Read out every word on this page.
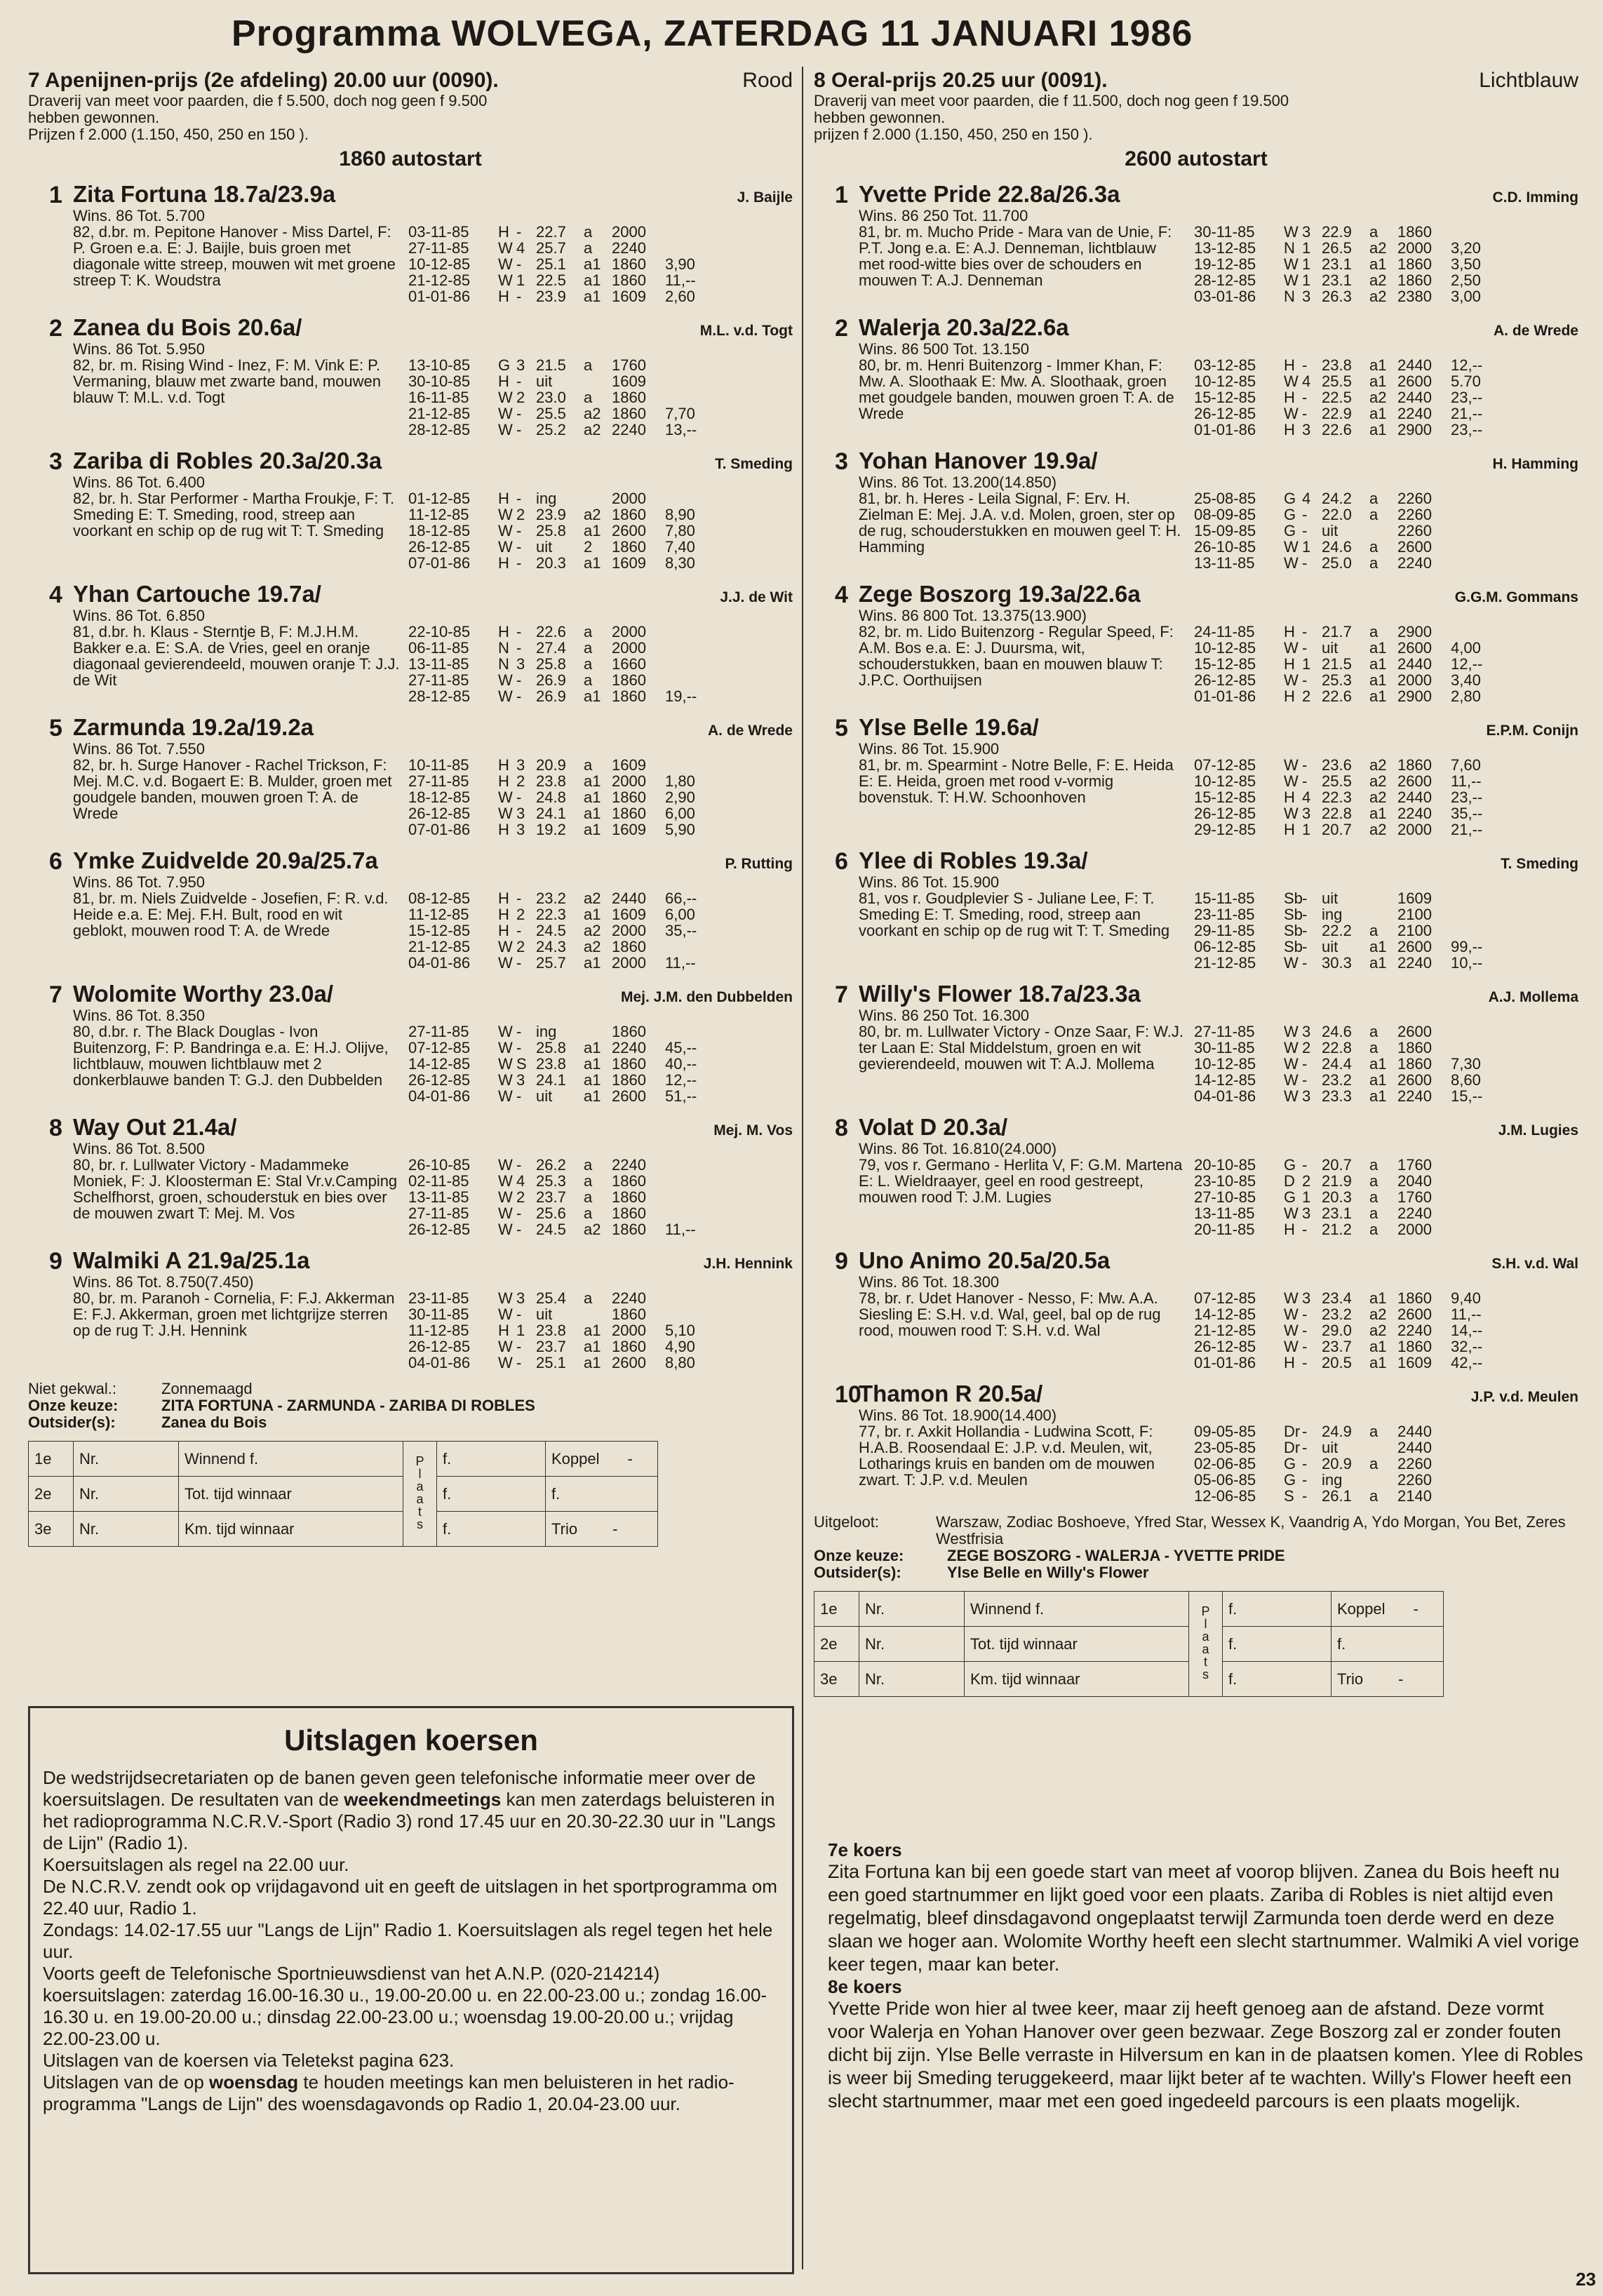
Programma WOLVEGA, ZATERDAG 11 JANUARI 1986
7 Apenijnen-prijs (2e afdeling) 20.00 uur (0090).	Rood
Draverij van meet voor paarden, die f 5.500, doch nog geen f 9.500
hebben gewonnen.
Prijzen f 2.000 (1.150, 450, 250 en 150 ).
1860 autostart
1 Zita Fortuna 18.7a/23.9a	J. Baijle
Wins. 86 Tot. 5.700
82, d.br. m. Pepitone Hanover - Miss Dartel, F: P. Groen e.a. E: J. Baijle, buis groen met diagonale witte streep, mouwen wit met groene streep T: K. Woudstra
03-11-85	H - 22.7	a	2000
27-11-85	W 4 25.7	a	2240
10-12-85	W - 25.1	a1 1860	3,90
21-12-85	W 1 22.5	a1 1860	11,--
01-01-86	H - 23.9	a1 1609	2,60
2 Zanea du Bois 20.6a/	M.L. v.d. Togt
Wins. 86 Tot. 5.950
82, br. m. Rising Wind - Inez, F: M. Vink E: P. Vermaning, blauw met zwarte band, mouwen blauw T: M.L. v.d. Togt
13-10-85	G 3 21.5	a	1760
30-10-85	H - uit	1609
16-11-85	W 2 23.0	a	1860
21-12-85	W - 25.5	a2 1860	7,70
28-12-85	W - 25.2	a2 2240	13,--
3 Zariba di Robles 20.3a/20.3a	T. Smeding
Wins. 86 Tot. 6.400
82, br. h. Star Performer - Martha Froukje, F: T. Smeding E: T. Smeding, rood, streep aan voorkant en schip op de rug wit T: T. Smeding
01-12-85	H - ing	2000
11-12-85	W 2 23.9	a2 1860	8,90
18-12-85	W - 25.8	a1 2600	7,80
26-12-85	W - uit	2	1860	7,40
07-01-86	H - 20.3	a1 1609	8,30
4 Yhan Cartouche 19.7a/	J.J. de Wit
Wins. 86 Tot. 6.850
81, d.br. h. Klaus - Sterntje B, F: M.J.H.M. Bakker e.a. E: S.A. de Vries, geel en oranje diagonaal gevierendeeld, mouwen oranje T: J.J. de Wit
22-10-85	H - 22.6	a	2000
06-11-85	N - 27.4	a	2000
13-11-85	N 3 25.8	a	1660
27-11-85	W - 26.9	a	1860
28-12-85	W - 26.9	a1 1860	19,--
5 Zarmunda 19.2a/19.2a	A. de Wrede
Wins. 86 Tot. 7.550
82, br. h. Surge Hanover - Rachel Trickson, F: Mej. M.C. v.d. Bogaert E: B. Mulder, groen met goudgele banden, mouwen groen T: A. de Wrede
10-11-85	H 3 20.9	a	1609
27-11-85	H 2 23.8	a1 2000	1,80
18-12-85	W - 24.8	a1 1860	2,90
26-12-85	W 3 24.1	a1 1860	6,00
07-01-86	H 3 19.2	a1 1609	5,90
6 Ymke Zuidvelde 20.9a/25.7a	P. Rutting
Wins. 86 Tot. 7.950
81, br. m. Niels Zuidvelde - Josefien, F: R. v.d. Heide e.a. E: Mej. F.H. Bult, rood en wit geblokt, mouwen rood T: A. de Wrede
08-12-85	H - 23.2	a2 2440	66,--
11-12-85	H 2 22.3	a1 1609	6,00
15-12-85	H - 24.5	a2 2000	35,--
21-12-85	W 2 24.3	a2 1860
04-01-86	W - 25.7	a1 2000	11,--
7 Wolomite Worthy 23.0a/	Mej. J.M. den Dubbelden
Wins. 86 Tot. 8.350
80, d.br. r. The Black Douglas - Ivon Buitenzorg, F: P. Bandringa e.a. E: H.J. Olijve, lichtblauw, mouwen lichtblauw met 2 donkerblauwe banden T: G.J. den Dubbelden
27-11-85	W - ing	1860
07-12-85	W - 25.8	a1 2240	45,--
14-12-85	W S 23.8	a1 1860	40,--
26-12-85	W 3 24.1	a1 1860	12,--
04-01-86	W - uit	a1 2600	51,--
8 Way Out 21.4a/	Mej. M. Vos
Wins. 86 Tot. 8.500
80, br. r. Lullwater Victory - Madammeke Moniek, F: J. Kloosterman E: Stal Vr.v.Camping Schelfhorst, groen, schouderstuk en bies over de mouwen zwart T: Mej. M. Vos
26-10-85	W - 26.2	a	2240
02-11-85	W 4 25.3	a	1860
13-11-85	W 2 23.7	a	1860
27-11-85	W - 25.6	a	1860
26-12-85	W - 24.5	a2 1860	11,--
9 Walmiki A 21.9a/25.1a	J.H. Hennink
Wins. 86 Tot. 8.750(7.450)
80, br. m. Paranoh - Cornelia, F: F.J. Akkerman E: F.J. Akkerman, groen met lichtgrijze sterren op de rug T: J.H. Hennink
23-11-85	W 3 25.4	a	2240
30-11-85	W - uit	1860
11-12-85	H 1 23.8	a1 2000	5,10
26-12-85	W - 23.7	a1 1860	4,90
04-01-86	W - 25.1	a1 2600	8,80
Niet gekwal.:	Zonnemaagd
Onze keuze:	ZITA FORTUNA - ZARMUNDA - ZARIBA DI ROBLES
Outsider(s):	Zanea du Bois
1e	Nr.	Winnend f.	Plaats	f.	Koppel -	
2e	Nr.	Tot. tijd winnaar		f.	f.	
3e	Nr.	Km. tijd winnaar		f.	Trio -	
8 Oeral-prijs 20.25 uur (0091).	Lichtblauw
Draverij van meet voor paarden, die f 11.500, doch nog geen f 19.500
hebben gewonnen.
prijzen f 2.000 (1.150, 450, 250 en 150 ).
2600 autostart
1 Yvette Pride 22.8a/26.3a	C.D. Imming
Wins. 86 250 Tot. 11.700
81, br. m. Mucho Pride - Mara van de Unie, F: P.T. Jong e.a. E: A.J. Denneman, lichtblauw met rood-witte bies over de schouders en mouwen T: A.J. Denneman
30-11-85	W 3 22.9	a	1860
13-12-85	N 1 26.5	a2 2000	3,20
19-12-85	W 1 23.1	a1 1860	3,50
28-12-85	W 1 23.1	a2 1860	2,50
03-01-86	N 3 26.3	a2 2380	3,00
2 Walerja 20.3a/22.6a	A. de Wrede
Wins. 86 500 Tot. 13.150
80, br. m. Henri Buitenzorg - Immer Khan, F: Mw. A. Sloothaak E: Mw. A. Sloothaak, groen met goudgele banden, mouwen groen T: A. de Wrede
03-12-85	H - 23.8	a1 2440	12,--
10-12-85	W 4 25.5	a1 2600	5.70
15-12-85	H - 22.5	a2 2440	23,--
26-12-85	W - 22.9	a1 2240	21,--
01-01-86	H 3 22.6	a1 2900	23,--
3 Yohan Hanover 19.9a/	H. Hamming
Wins. 86 Tot. 13.200(14.850)
81, br. h. Heres - Leila Signal, F: Erv. H. Zielman E: Mej. J.A. v.d. Molen, groen, ster op de rug, schouderstukken en mouwen geel T: H. Hamming
25-08-85	G 4 24.2	a	2260
08-09-85	G - 22.0	a	2260
15-09-85	G - uit	2260
26-10-85	W 1 24.6	a	2600
13-11-85	W - 25.0	a	2240
4 Zege Boszorg 19.3a/22.6a	G.G.M. Gommans
Wins. 86 800 Tot. 13.375(13.900)
82, br. m. Lido Buitenzorg - Regular Speed, F: A.M. Bos e.a. E: J. Duursma, wit, schouderstukken, baan en mouwen blauw T: J.P.C. Oorthuijsen
24-11-85	H - 21.7	a	2900
10-12-85	W - uit	a1 2600	4,00
15-12-85	H 1 21.5	a1 2440	12,--
26-12-85	W - 25.3	a1 2000	3,40
01-01-86	H 2 22.6	a1 2900	2,80
5 Ylse Belle 19.6a/	E.P.M. Conijn
Wins. 86 Tot. 15.900
81, br. m. Spearmint - Notre Belle, F: E. Heida E: E. Heida, groen met rood v-vormig bovenstuk. T: H.W. Schoonhoven
07-12-85	W - 23.6	a2 1860	7,60
10-12-85	W - 25.5	a2 2600	11,--
15-12-85	H 4 22.3	a2 2440	23,--
26-12-85	W 3 22.8	a1 2240	35,--
29-12-85	H 1 20.7	a2 2000	21,--
6 Ylee di Robles 19.3a/	T. Smeding
Wins. 86 Tot. 15.900
81, vos r. Goudplevier S - Juliane Lee, F: T. Smeding E: T. Smeding, rood, streep aan voorkant en schip op de rug wit T: T. Smeding
15-11-85	Sb - uit	1609
23-11-85	Sb - ing	2100
29-11-85	Sb - 22.2	a	2100
06-12-85	Sb - uit	a1 2600	99,--
21-12-85	W - 30.3	a1 2240	10,--
7 Willy's Flower 18.7a/23.3a	A.J. Mollema
Wins. 86 250 Tot. 16.300
80, br. m. Lullwater Victory - Onze Saar, F: W.J. ter Laan E: Stal Middelstum, groen en wit gevierendeeld, mouwen wit T: A.J. Mollema
27-11-85	W 3 24.6	a	2600
30-11-85	W 2 22.8	a	1860
10-12-85	W - 24.4	a1 1860	7,30
14-12-85	W - 23.2	a1 2600	8,60
04-01-86	W 3 23.3	a1 2240	15,--
8 Volat D 20.3a/	J.M. Lugies
Wins. 86 Tot. 16.810(24.000)
79, vos r. Germano - Herlita V, F: G.M. Martena E: L. Wieldraayer, geel en rood gestreept, mouwen rood T: J.M. Lugies
20-10-85	G - 20.7	a	1760
23-10-85	D 2 21.9	a	2040
27-10-85	G 1 20.3	a	1760
13-11-85	W 3 23.1	a	2240
20-11-85	H - 21.2	a	2000
9 Uno Animo 20.5a/20.5a	S.H. v.d. Wal
Wins. 86 Tot. 18.300
78, br. r. Udet Hanover - Nesso, F: Mw. A.A. Siesling E: S.H. v.d. Wal, geel, bal op de rug rood, mouwen rood T: S.H. v.d. Wal
07-12-85	W 3 23.4	a1 1860	9,40
14-12-85	W - 23.2	a2 2600	11,--
21-12-85	W - 29.0	a2 2240	14,--
26-12-85	W - 23.7	a1 1860	32,--
01-01-86	H - 20.5	a1 1609	42,--
10
Thamon R 20.5a/	J.P. v.d. Meulen
Wins. 86 Tot. 18.900(14.400)
77, br. r. Axkit Hollandia - Ludwina Scott, F: H.A.B. Roosendaal E: J.P. v.d. Meulen, wit, Lotharings kruis en banden om de mouwen zwart. T: J.P. v.d. Meulen
09-05-85	Dr - 24.9	a	2440
23-05-85	Dr - uit	2440
02-06-85	G - 20.9	a	2260
05-06-85	G - ing	2260
12-06-85	S - 26.1	a	2140
Uitgeloot:	Warszaw, Zodiac Boshoeve, Yfred Star, Wessex K, Vaandrig A, Ydo Morgan, You Bet, Zeres Westfrisia
Onze keuze:	ZEGE BOSZORG - WALERJA - YVETTE PRIDE
Outsider(s):	Ylse Belle en Willy's Flower
1e	Nr.	Winnend f.	Plaats	f.	Koppel -	
2e	Nr.	Tot. tijd winnaar		f.	f.	
3e	Nr.	Km. tijd winnaar		f.	Trio -	
Uitslagen koersen

De wedstrijdsecretariaten op de banen geven geen telefonische informatie meer over de koersuitslagen. De resultaten van de weekendmeetings kan men zaterdags beluisteren in het radioprogramma N.C.R.V.-Sport (Radio 3) rond 17.45 uur en 20.30-22.30 uur in "Langs de Lijn" (Radio 1).

Koersuitslagen als regel na 22.00 uur.

De N.C.R.V. zendt ook op vrijdagavond uit en geeft de uitslagen in het sportprogramma om 22.40 uur, Radio 1.

Zondags: 14.02-17.55 uur "Langs de Lijn" Radio 1. Koersuitslagen als regel tegen het hele uur.

Voorts geeft de Telefonische Sportnieuwsdienst van het A.N.P. (020-214214) koersuitslagen: zaterdag 16.00-16.30 u., 19.00-20.00 u. en 22.00-23.00 u.; zondag 16.00-16.30 u. en 19.00-20.00 u.; dinsdag 22.00-23.00 u.; woensdag 19.00-20.00 u.; vrijdag 22.00-23.00 u.

Uitslagen van de koersen via Teletekst pagina 623.

Uitslagen van de op woensdag te houden meetings kan men beluisteren in het radio-programma "Langs de Lijn" des woensdagavonds op Radio 1, 20.04-23.00 uur.

7e koers
Zita Fortuna kan bij een goede start van meet af voorop blijven. Zanea du Bois heeft nu een goed startnummer en lijkt goed voor een plaats. Zariba di Robles is niet altijd even regelmatig, bleef dinsdagavond ongeplaatst terwijl Zarmunda toen derde werd en deze slaan we hoger aan. Wolomite Worthy heeft een slecht startnummer. Walmiki A viel vorige keer tegen, maar kan beter.
8e koers
Yvette Pride won hier al twee keer, maar zij heeft genoeg aan de afstand. Deze vormt voor Walerja en Yohan Hanover over geen bezwaar. Zege Boszorg zal er zonder fouten dicht bij zijn. Ylse Belle verraste in Hilversum en kan in de plaatsen komen. Ylee di Robles is weer bij Smeding teruggekeerd, maar lijkt beter af te wachten. Willy's Flower heeft een slecht startnummer, maar met een goed ingedeeld parcours is een plaats mogelijk.
23
